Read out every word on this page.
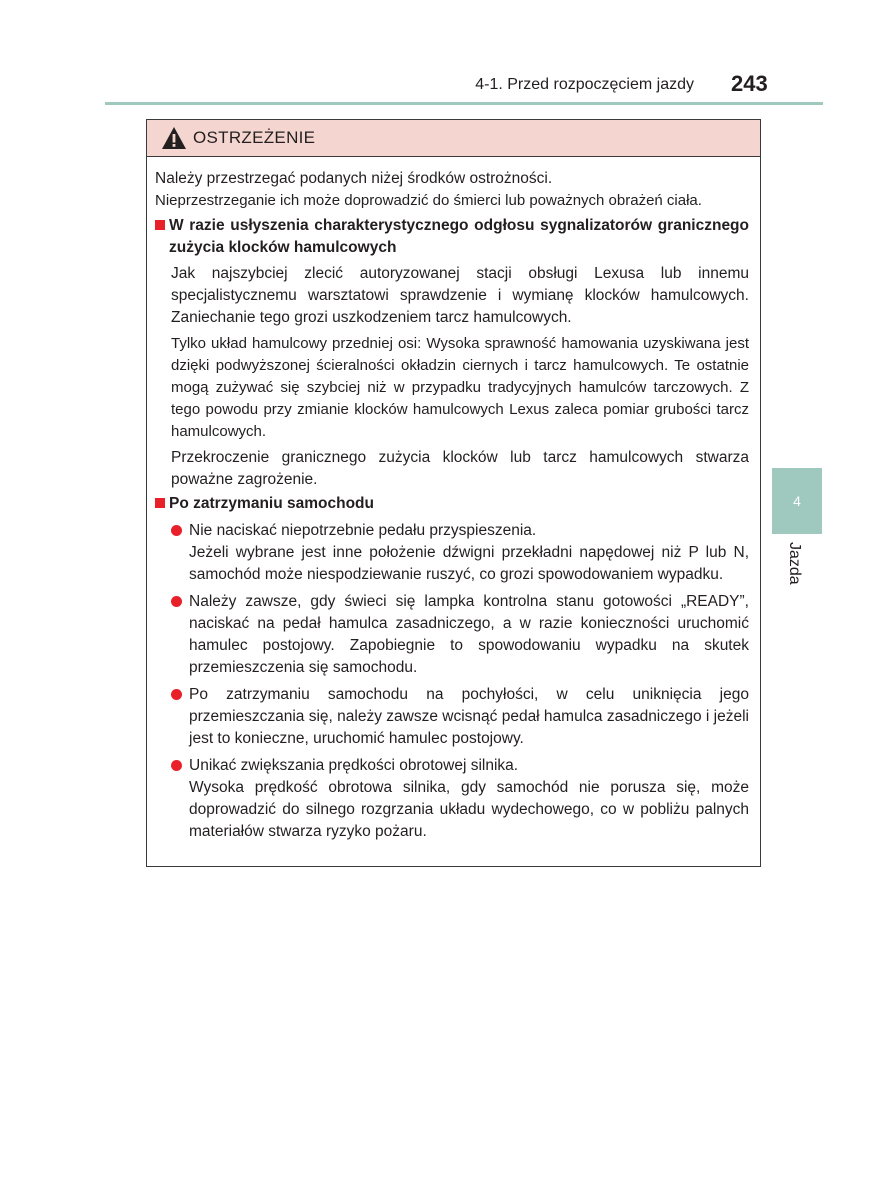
4-1. Przed rozpoczęciem jazdy 243
OSTRZEŻENIE

Należy przestrzegać podanych niżej środków ostrożności.

Nieprzestrzeganie ich może doprowadzić do śmierci lub poważnych obrażeń ciała.

W razie usłyszenia charakterystycznego odgłosu sygnalizatorów granicznego zużycia klocków hamulcowych

Jak najszybciej zlecić autoryzowanej stacji obsługi Lexusa lub innemu specjalistycznemu warsztatowi sprawdzenie i wymianę klocków hamulcowych. Zaniechanie tego grozi uszkodzeniem tarcz hamulcowych.

Tylko układ hamulcowy przedniej osi: Wysoka sprawność hamowania uzyskiwana jest dzięki podwyższonej ścieralności okładzin ciernych i tarcz hamulcowych. Te ostatnie mogą zużywać się szybciej niż w przypadku tradycyjnych hamulców tarczowych. Z tego powodu przy zmianie klocków hamulcowych Lexus zaleca pomiar grubości tarcz hamulcowych.

Przekroczenie granicznego zużycia klocków lub tarcz hamulcowych stwarza poważne zagrożenie.

Po zatrzymaniu samochodu
Nie naciskać niepotrzebnie pedału przyspieszenia.
Jeżeli wybrane jest inne położenie dźwigni przekładni napędowej niż P lub N, samochód może niespodziewanie ruszyć, co grozi spowodowaniem wypadku.
Należy zawsze, gdy świeci się lampka kontrolna stanu gotowości „READY”, naciskać na pedał hamulca zasadniczego, a w razie konieczności uruchomić hamulec postojowy. Zapobiegnie to spowodowaniu wypadku na skutek przemieszczenia się samochodu.
Po zatrzymaniu samochodu na pochyłości, w celu uniknięcia jego przemieszczania się, należy zawsze wcisnąć pedał hamulca zasadniczego i jeżeli jest to konieczne, uruchomić hamulec postojowy.
Unikać zwiększania prędkości obrotowej silnika.
Wysoka prędkość obrotowa silnika, gdy samochód nie porusza się, może doprowadzić do silnego rozgrzania układu wydechowego, co w pobliżu palnych materiałów stwarza ryzyko pożaru.
4
Jazda
